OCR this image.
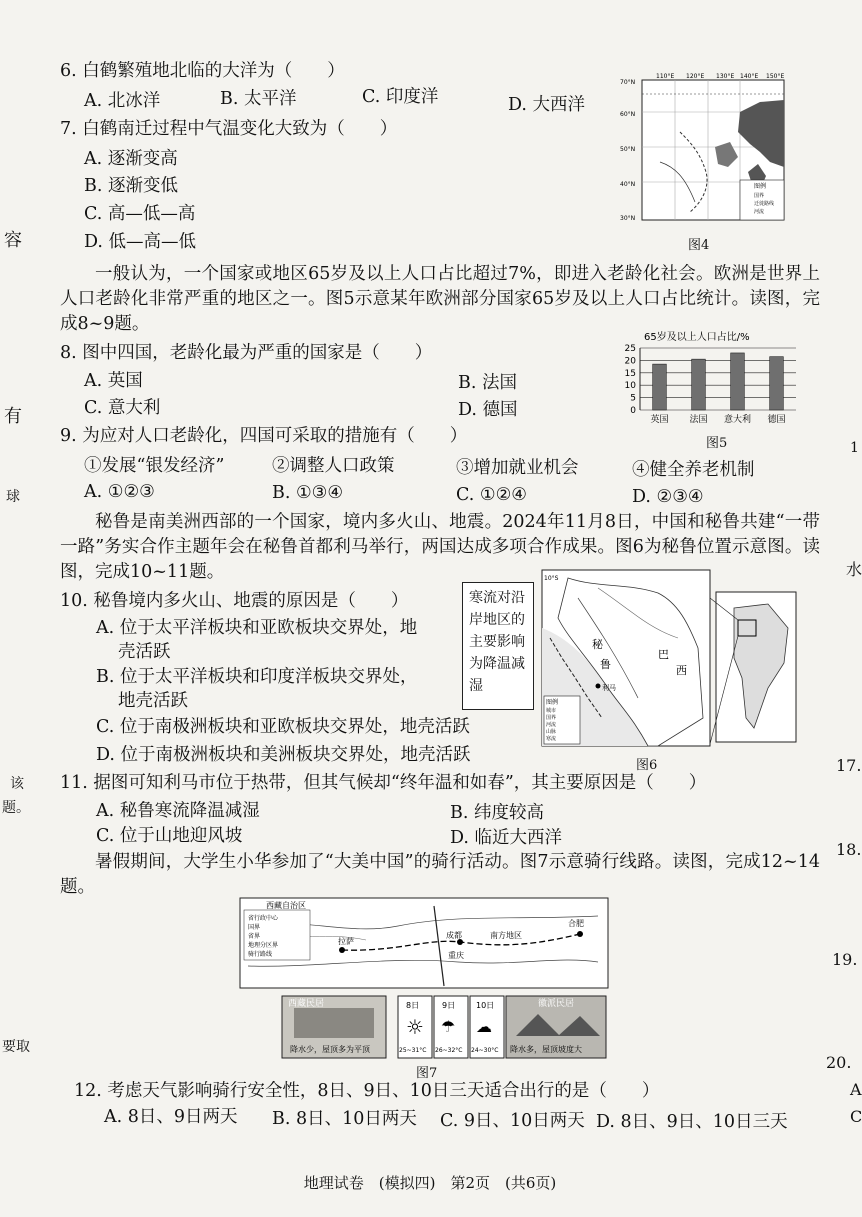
容
有
球
该
题。
要取
1
水
17.
18.
19.
20.
A
C
6. 白鹤繁殖地北临的大洋为（　　）
A. 北冰洋	B. 太平洋	C. 印度洋	D. 大西洋
7. 白鹤南迁过程中气温变化大致为（　　）
A. 逐渐变高
B. 逐渐变低
C. 高—低—高
D. 低—高—低
70°N
60°N
50°N
40°N
30°N
110°E 120°E 130°E 140°E 150°E
图例
国界
迁徙路线
河流
图4
一般认为，一个国家或地区65岁及以上人口占比超过7%，即进入老龄化社会。欧洲是世界上人口老龄化非常严重的地区之一。图5示意某年欧洲部分国家65岁及以上人口占比统计。读图，完成8~9题。
8. 图中四国，老龄化最为严重的国家是（　　）
A. 英国	B. 法国
C. 意大利	D. 德国
65岁及以上人口占比/%
0
5
10
15
20
25
英国 法国 意大利 德国
图5
9. 为应对人口老龄化，四国可采取的措施有（　　）
①发展“银发经济”	②调整人口政策	③增加就业机会	④健全养老机制
A. ①②③	B. ①③④	C. ①②④	D. ②③④
秘鲁是南美洲西部的一个国家，境内多火山、地震。2024年11月8日，中国和秘鲁共建“一带一路”务实合作主题年会在秘鲁首都利马举行，两国达成多项合作成果。图6为秘鲁位置示意图。读图，完成10~11题。
10. 秘鲁境内多火山、地震的原因是（　　）
A. 位于太平洋板块和亚欧板块交界处，地
壳活跃
B. 位于太平洋板块和印度洋板块交界处，
地壳活跃
C. 位于南极洲板块和亚欧板块交界处，地壳活跃
D. 位于南极洲板块和美洲板块交界处，地壳活跃
寒流对沿
岸地区的
主要影响
为降温减
湿
图例
城市
国界
河流
山脉
寒流
10°S
秘
鲁
巴
西
利马
图6
11. 据图可知利马市位于热带，但其气候却“终年温和如春”，其主要原因是（　　）
A. 秘鲁寒流降温减湿	B. 纬度较高
C. 位于山地迎风坡	D. 临近大西洋
暑假期间，大学生小华参加了“大美中国”的骑行活动。图7示意骑行线路。读图，完成12~14题。
西藏自治区
省行政中心
国界
省界
地理分区界
骑行路线
拉萨
成都
重庆
南方地区
合肥
西藏民居
降水少，屋顶多为平顶
8日	9日	10日
☼ ☂ ☁
25~31°C 26~32°C 24~30°C
徽派民居
降水多，屋顶坡度大
图7
12. 考虑天气影响骑行安全性，8日、9日、10日三天适合出行的是（　　）
A. 8日、9日两天 B. 8日、10日两天 C. 9日、10日两天 D. 8日、9日、10日三天
地理试卷　(模拟四)　第2页　(共6页)
